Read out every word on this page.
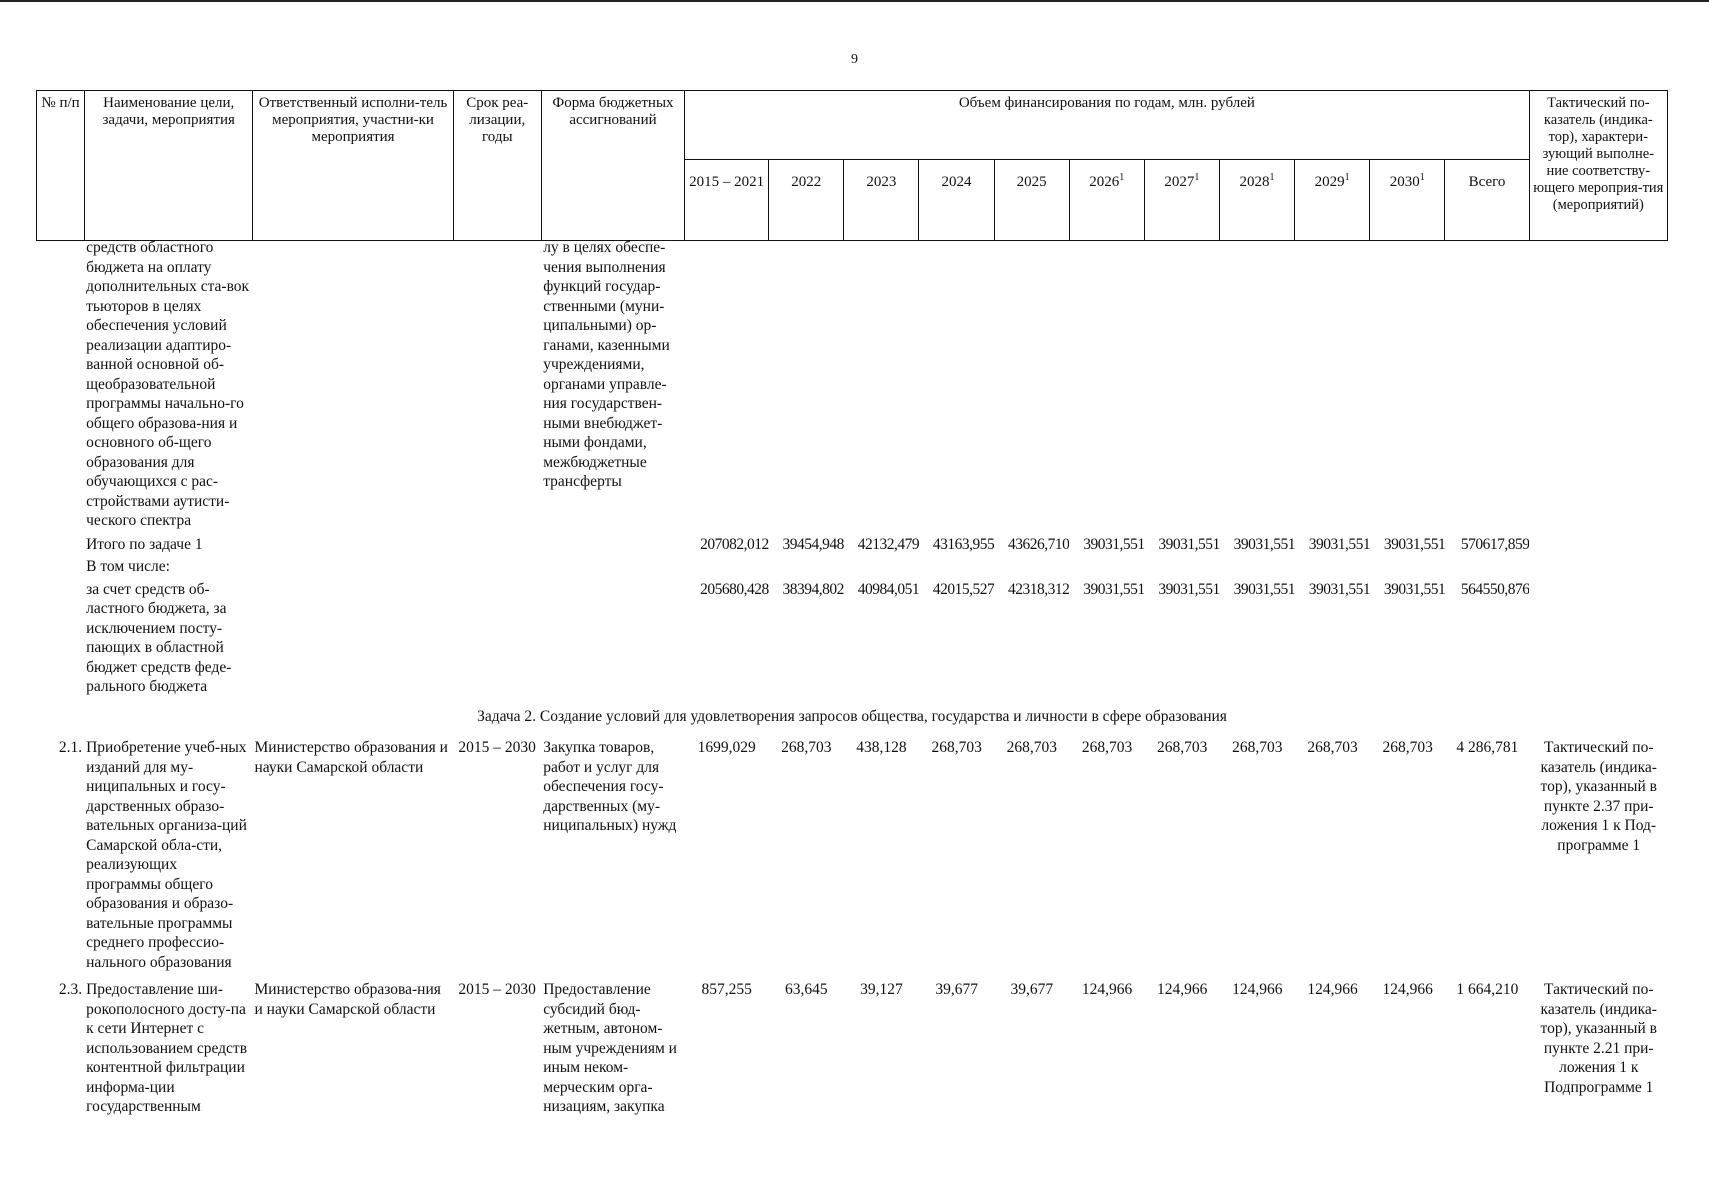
9
№ п/п	Наименование цели, задачи, мероприятия	Ответственный исполни-тель мероприятия, участни-ки мероприятия	Срок реа-лизации, годы	Форма бюджетных ассигнований	Объем финансирования по годам, млн. рублей											Тактический по-казатель (индика-тор), характери-зующий выполне-ние соответству-ющего мероприя-тия (мероприятий)
					2015 – 2021	2022	2023	2024	2025	2026$^1$	2027$^1$	2028$^1$	2029$^1$	2030$^1$	Всего	
	средств областного бюджета на оплату дополнительных ста-вок тьюторов в целях обеспечения условий реализации адаптиро-ванной основной об-щеобразовательной программы начально-го общего образова-ния и основного об-щего образования для обучающихся с рас-стройствами аутисти-ческого спектра			лу в целях обеспе-чения выполнения функций государ-ственными (муни-ципальными) ор-ганами, казенными учреждениями, органами управле-ния государствен-ными внебюджет-ными фондами, межбюджетные трансферты												
	Итого по задаче 1				207082,012	39454,948	42132,479	43163,955	43626,710	39031,551	39031,551	39031,551	39031,551	39031,551	570617,859	
	В том числе:															
	за счет средств об-ластного бюджета, за исключением посту-пающих в областной бюджет средств феде-рального бюджета				205680,428	38394,802	40984,051	42015,527	42318,312	39031,551	39031,551	39031,551	39031,551	39031,551	564550,876	
Задача 2. Создание условий для удовлетворения запросов общества, государства и личности в сфере образования																
2.1.	Приобретение учеб-ных изданий для му-ниципальных и госу-дарственных образо-вательных организа-ций Самарской обла-сти, реализующих программы общего образования и образо-вательные программы среднего профессио-нального образования	Министерство образования и науки Самарской области	2015 – 2030	Закупка товаров, работ и услуг для обеспечения госу-дарственных (му-ниципальных) нужд	1699,029	268,703	438,128	268,703	268,703	268,703	268,703	268,703	268,703	268,703	4 286,781	Тактический по-казатель (индика-тор), указанный в пункте 2.37 при-ложения 1 к Под-программе 1

2.3.	Предоставление ши-рокополосного досту-па к сети Интернет с использованием средств контентной фильтрации информа-ции государственным	Министерство образова-ния и науки Самарской области	2015 – 2030	Предоставление субсидий бюд-жетным, автоном-ным учреждениям и иным неком-мерческим орга-низациям, закупка	857,255	63,645	39,127	39,677	39,677	124,966	124,966	124,966	124,966	124,966	1 664,210	Тактический по-казатель (индика-тор), указанный в пункте 2.21 при-ложения 1 к Подпрограмме 1
